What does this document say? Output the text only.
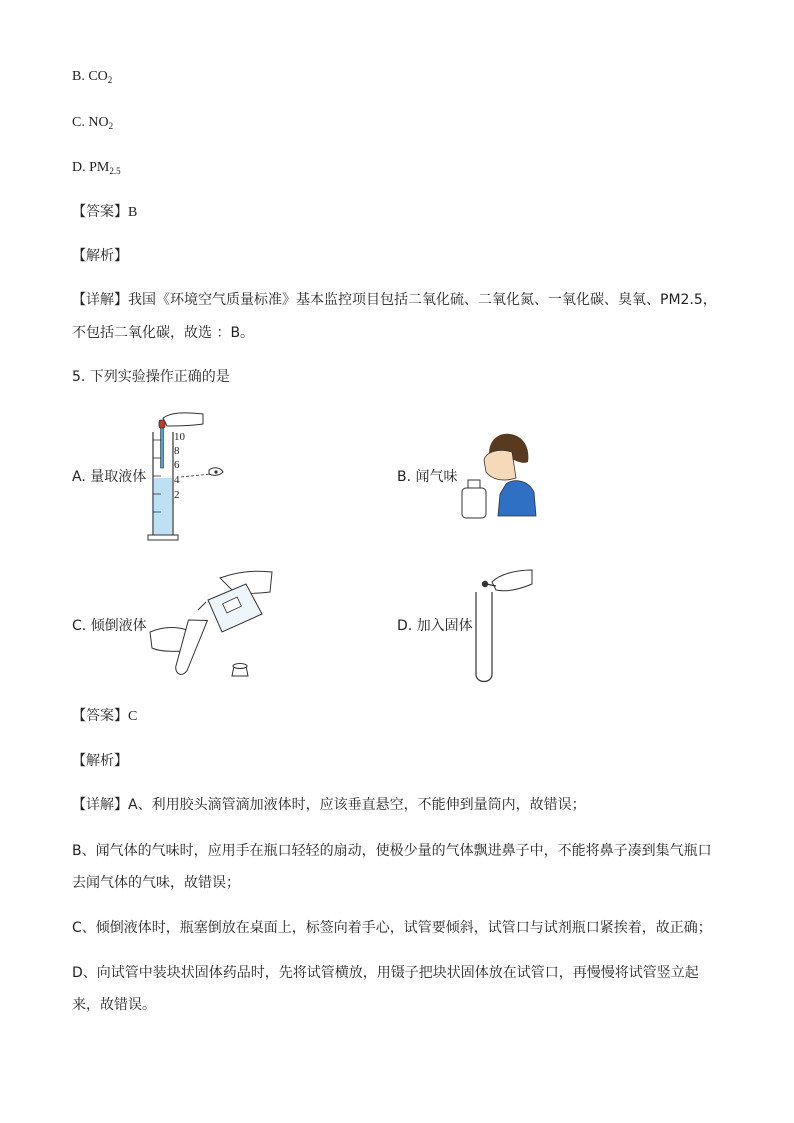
B. $CO_2$
C. $NO_2$
D. $PM_{2.5}$
【答案】B
【解析】
【详解】我国《环境空气质量标准》基本监控项目包括二氧化硫、二氧化氮、一氧化碳、臭氧、PM2.5，
不包括二氧化碳，故选 ：B。
5. 下列实验操作正确的是
A. 量取液体
10
8
6
4
2
B. 闻气味
C. 倾倒液体	D. 加入固体
【答案】C
【解析】
【详解】A、利用胶头滴管滴加液体时，应该垂直悬空，不能伸到量筒内，故错误；
B、闻气体的气味时，应用手在瓶口轻轻的扇动，使极少量的气体飘进鼻子中，不能将鼻子凑到集气瓶口
去闻气体的气味，故错误；
C、倾倒液体时，瓶塞倒放在桌面上，标签向着手心，试管要倾斜，试管口与试剂瓶口紧挨着，故正确；
D、向试管中装块状固体药品时，先将试管横放，用镊子把块状固体放在试管口，再慢慢将试管竖立起
来，故错误。
